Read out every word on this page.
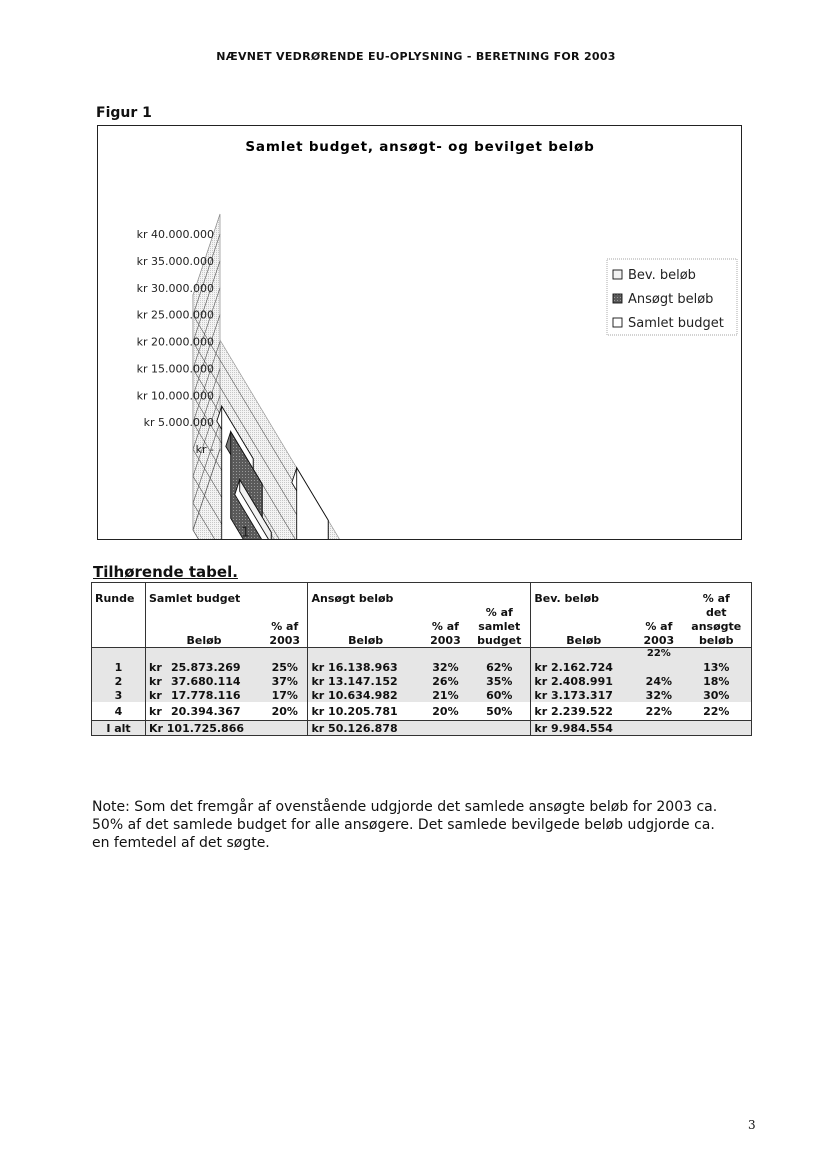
NÆVNET VEDRØRENDE EU-OPLYSNING - BERETNING FOR 2003
Figur 1
Samlet budget, ansøgt- og bevilget beløb
kr 40.000.000
kr 35.000.000
kr 30.000.000
kr 25.000.000
kr 20.000.000
kr 15.000.000
kr 10.000.000
kr 5.000.000
kr -
1
Bev. beløb
Ansøgt beløb
Samlet budget
Tilhørende tabel.
Runde	Samlet budget			Ansøgt beløb			Bev. beløb		% af
						% af			det
			% af		% af	samlet		% af	ansøgte
	Beløb		2003	Beløb	2003	budget	Beløb	2003	beløb
								22%	
1	kr	25.873.269	25%	kr 16.138.963	32%	62%	kr 2.162.724		13%
2	kr	37.680.114	37%	kr 13.147.152	26%	35%	kr 2.408.991	24%	18%
3	kr	17.778.116	17%	kr 10.634.982	21%	60%	kr 3.173.317	32%	30%
4	kr	20.394.367	20%	kr 10.205.781	20%	50%	kr 2.239.522	22%	22%
I alt	Kr 101.725.866			kr 50.126.878			kr 9.984.554		
Note: Som det fremgår af ovenstående udgjorde det samlede ansøgte beløb for 2003 ca. 50% af det samlede budget for alle ansøgere. Det samlede bevilgede beløb udgjorde ca. en femtedel af det søgte.
3
